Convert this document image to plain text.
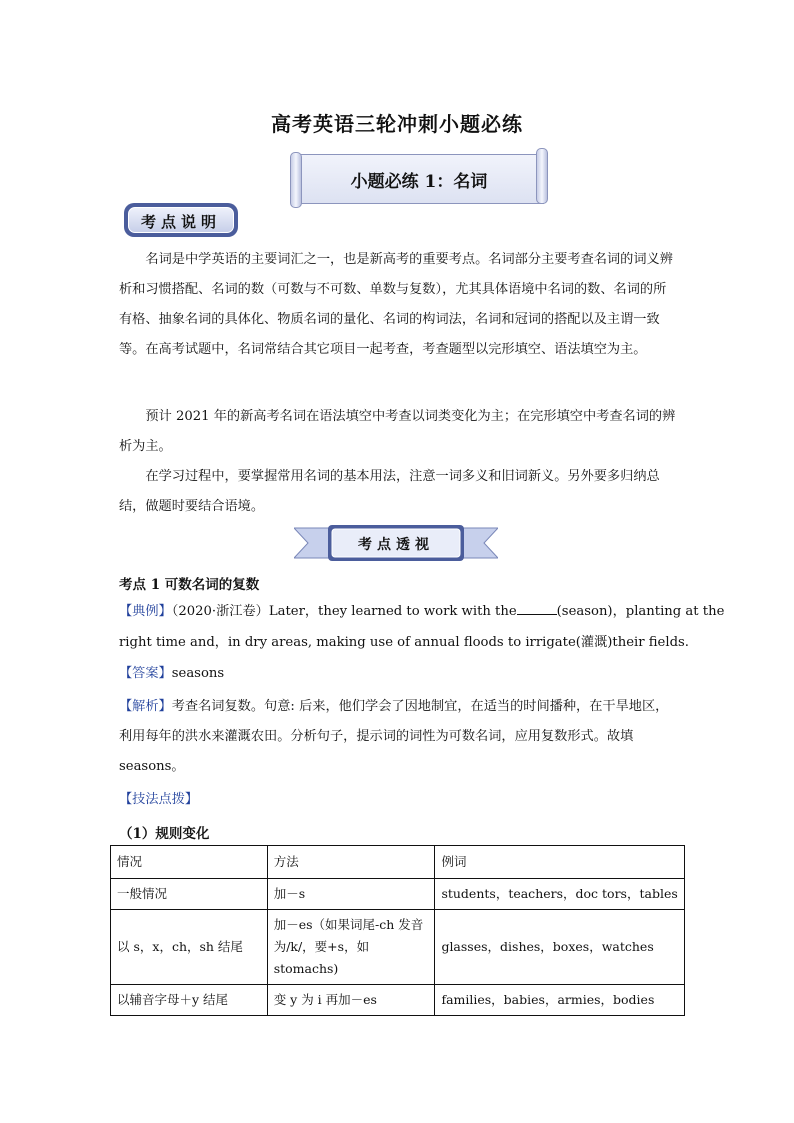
高考英语三轮冲刺小题必练
小题必练 1：名词
考点说明

名词是中学英语的主要词汇之一，也是新高考的重要考点。名词部分主要考查名词的词义辨析和习惯搭配、名词的数（可数与不可数、单数与复数），尤其具体语境中名词的数、名词的所有格、抽象名词的具体化、物质名词的量化、名词的构词法，名词和冠词的搭配以及主谓一致等。在高考试题中，名词常结合其它项目一起考查，考查题型以完形填空、语法填空为主。

预计 2021 年的新高考名词在语法填空中考查以词类变化为主；在完形填空中考查名词的辨析为主。

在学习过程中，要掌握常用名词的基本用法，注意一词多义和旧词新义。另外要多归纳总结，做题时要结合语境。

考点透视
考点 1 可数名词的复数
【典例】（2020·浙江卷）Later，they learned to work with the	(season)，planting at the
right time and，in dry areas, making use of annual floods to irrigate(灌溉)their fields.
【答案】seasons

【解析】考查名词复数。句意: 后来，他们学会了因地制宜，在适当的时间播种，在干旱地区，利用每年的洪水来灌溉农田。分析句子，提示词的词性为可数名词，应用复数形式。故填 seasons。

【技法点拨】
（1）规则变化
情况	方法	例词
一般情况	加－s	students，teachers，doc tors，tables
以 s，x，ch，sh 结尾	加－es（如果词尾-ch 发音为/k/，要+s，如 stomachs)	glasses，dishes，boxes，watches
以辅音字母＋y 结尾	变 y 为 i 再加－es	families，babies，armies，bodies
